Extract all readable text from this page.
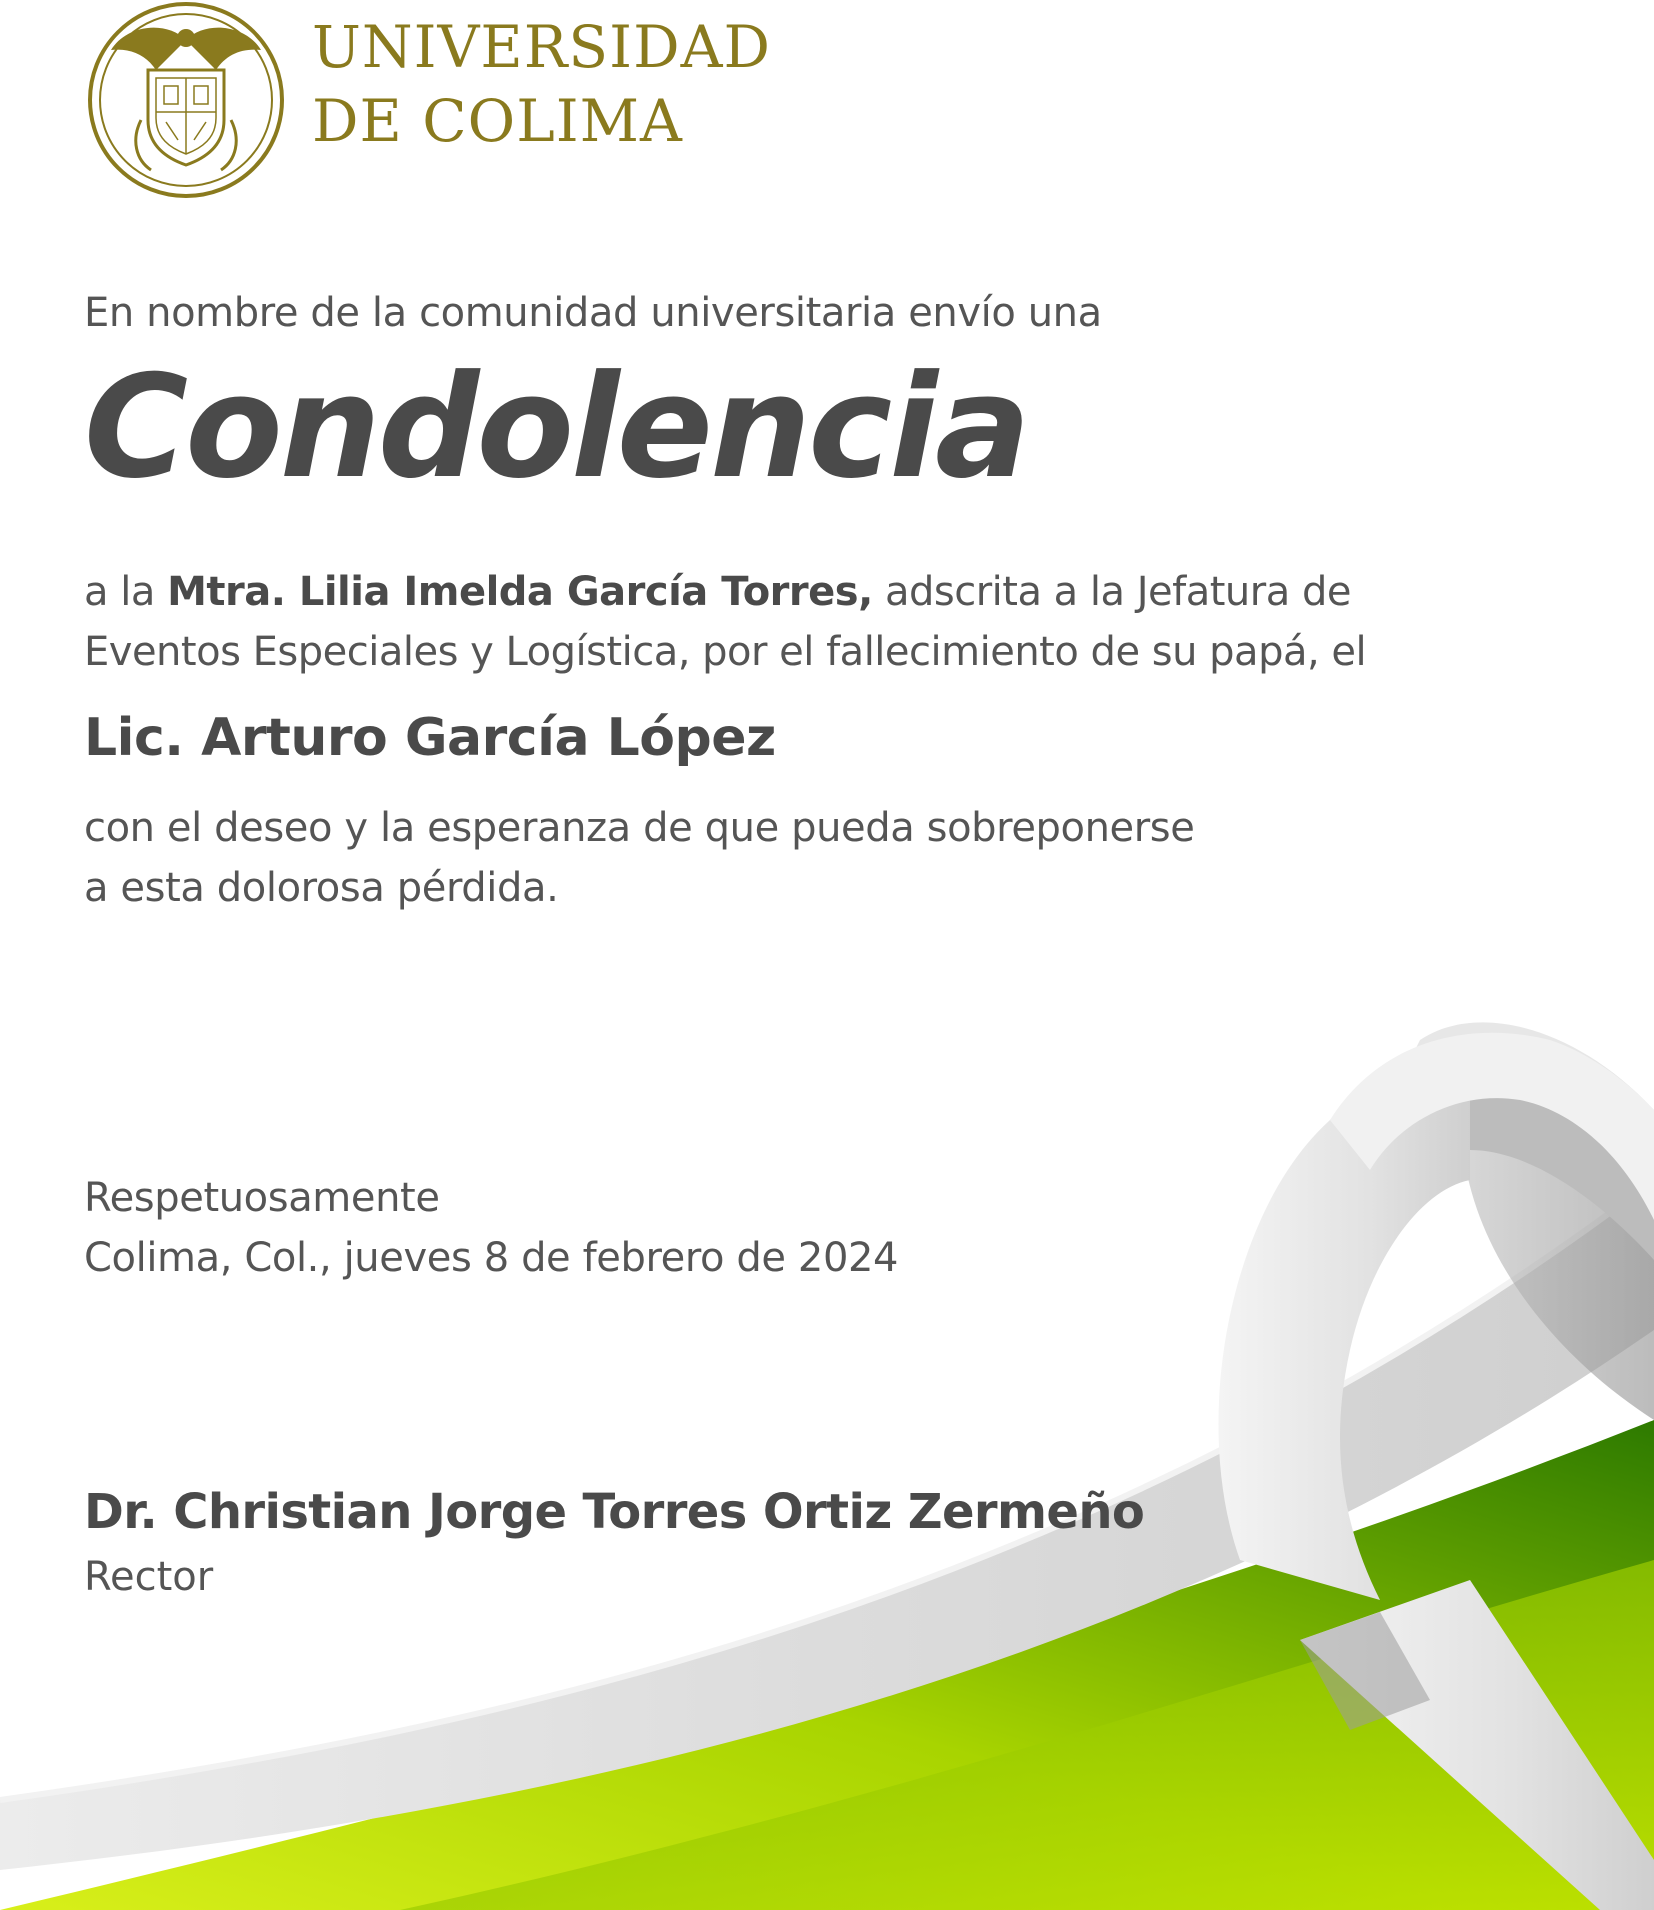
UNIVERSIDAD
DE COLIMA
En nombre de la comunidad universitaria envío una
Condolencia
a la Mtra. Lilia Imelda García Torres, adscrita a la Jefatura de
Eventos Especiales y Logística, por el fallecimiento de su papá, el
Lic. Arturo García López
con el deseo y la esperanza de que pueda sobreponerse
a esta dolorosa pérdida.
Respetuosamente
Colima, Col., jueves 8 de febrero de 2024
Dr. Christian Jorge Torres Ortiz Zermeño
Rector
